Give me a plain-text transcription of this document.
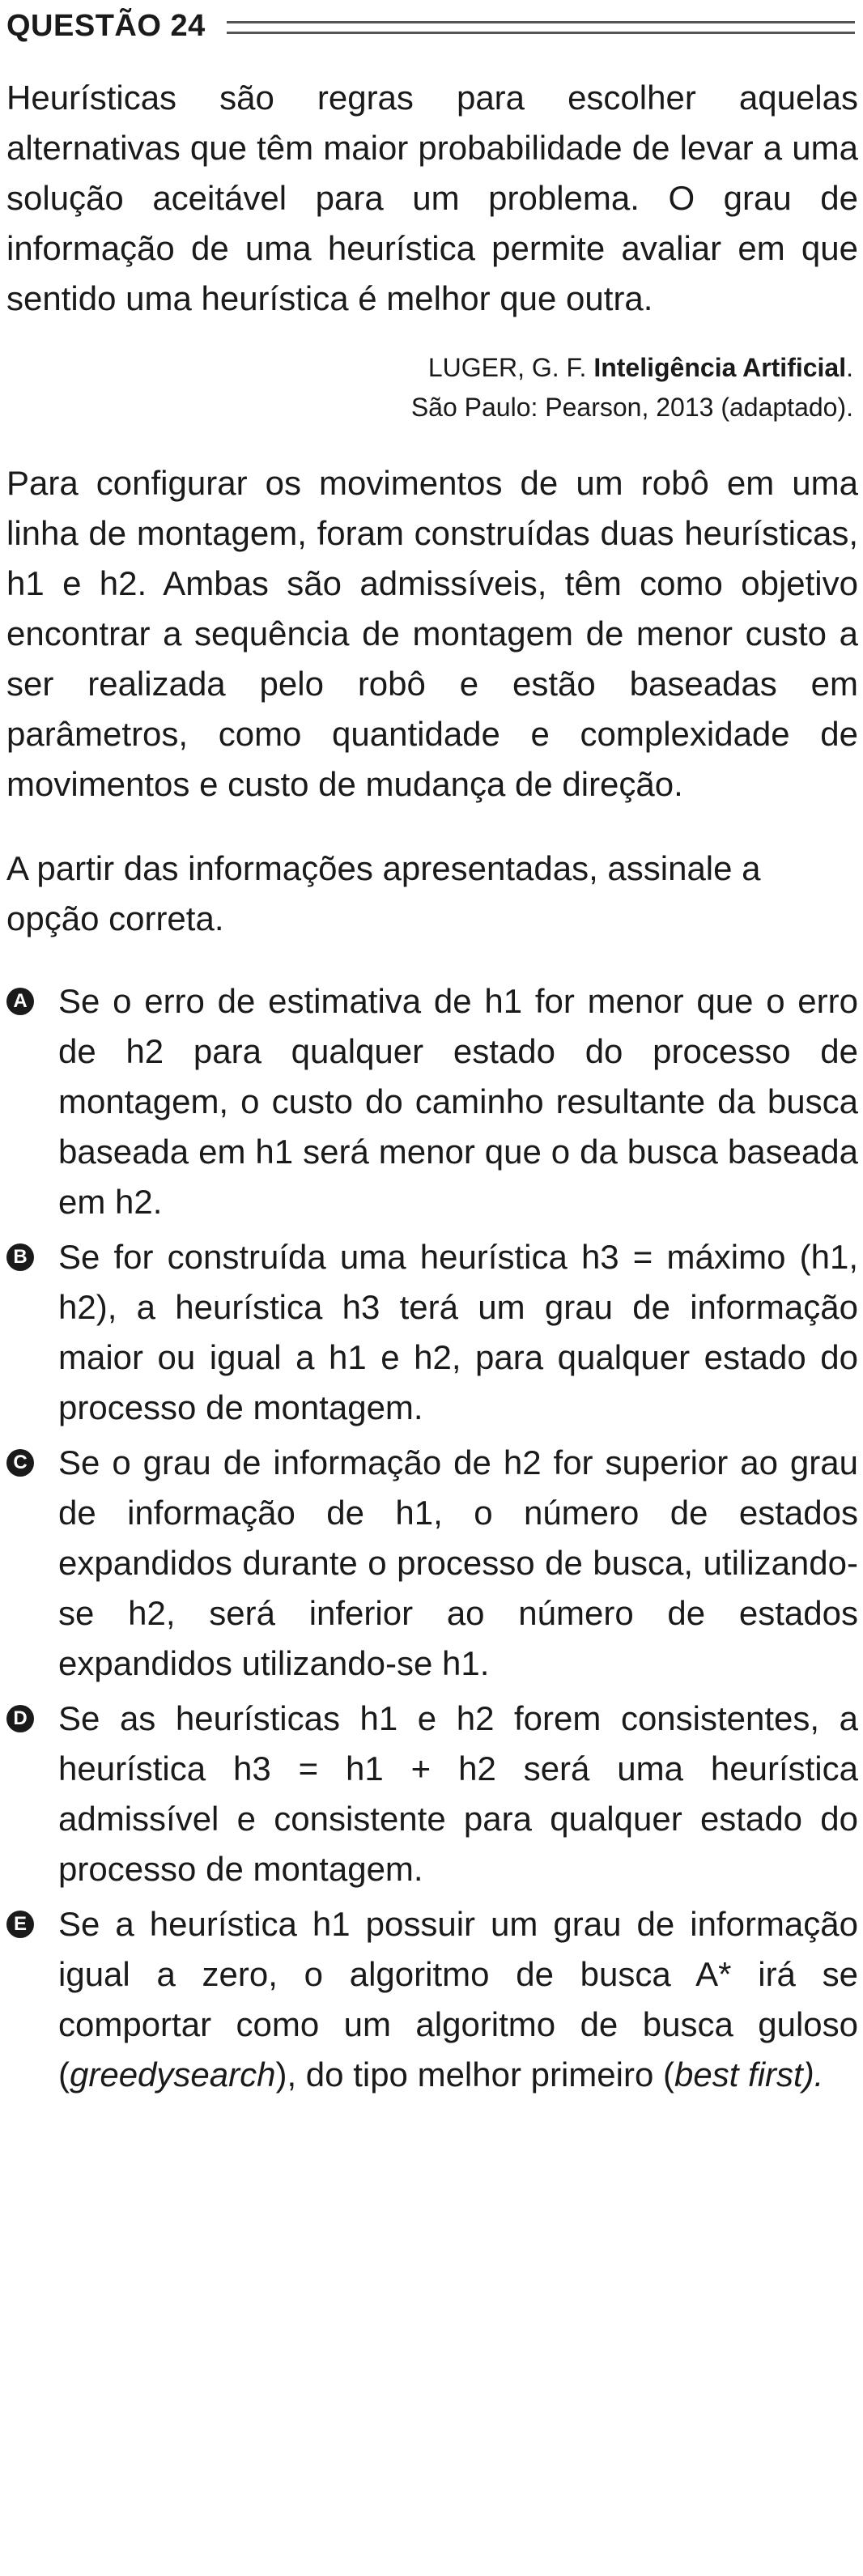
QUESTÃO 24

Heurísticas são regras para escolher aquelas alternativas que têm maior probabilidade de levar a uma solução aceitável para um problema. O grau de informação de uma heurística permite avaliar em que sentido uma heurística é melhor que outra.

LUGER, G. F. Inteligência Artificial.
São Paulo: Pearson, 2013 (adaptado).

Para configurar os movimentos de um robô em uma linha de montagem, foram construídas duas heurísticas, h1 e h2. Ambas são admissíveis, têm como objetivo encontrar a sequência de montagem de menor custo a ser realizada pelo robô e estão baseadas em parâmetros, como quantidade e complexidade de movimentos e custo de mudança de direção.

A partir das informações apresentadas, assinale a opção correta.

A Se o erro de estimativa de h1 for menor que o erro de h2 para qualquer estado do processo de montagem, o custo do caminho resultante da busca baseada em h1 será menor que o da busca baseada em h2.
B Se for construída uma heurística h3 = máximo (h1, h2), a heurística h3 terá um grau de informação maior ou igual a h1 e h2, para qualquer estado do processo de montagem.
C Se o grau de informação de h2 for superior ao grau de informação de h1, o número de estados expandidos durante o processo de busca, utilizando-se h2, será inferior ao número de estados expandidos utilizando-se h1.
D Se as heurísticas h1 e h2 forem consistentes, a heurística h3 = h1 + h2 será uma heurística admissível e consistente para qualquer estado do processo de montagem.
E Se a heurística h1 possuir um grau de informação igual a zero, o algoritmo de busca A* irá se comportar como um algoritmo de busca guloso (greedysearch), do tipo melhor primeiro (best first).
